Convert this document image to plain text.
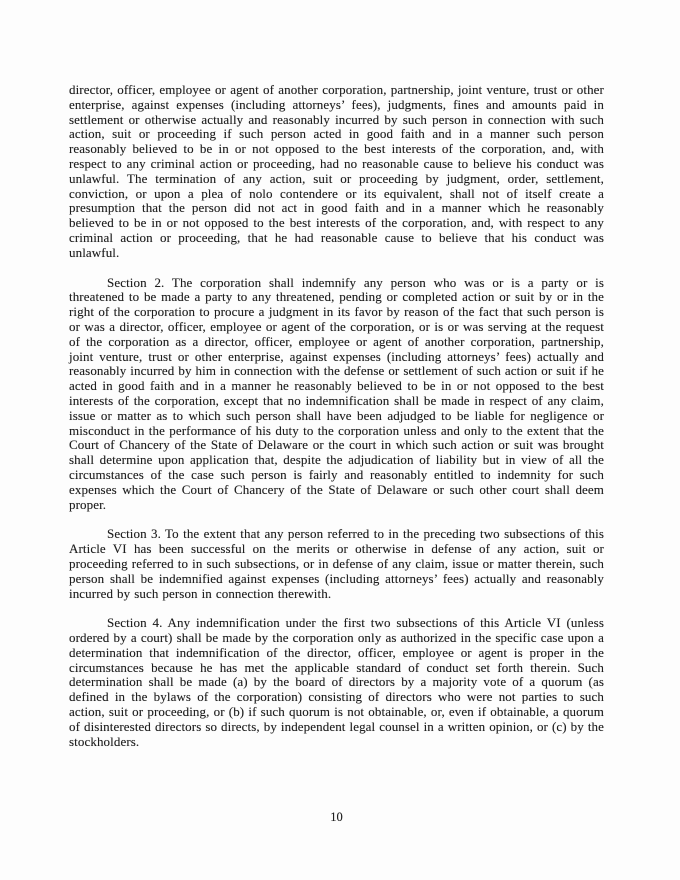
director, officer, employee or agent of another corporation, partnership, joint venture, trust or other enterprise, against expenses (including attorneys’ fees), judgments, fines and amounts paid in settlement or otherwise actually and reasonably incurred by such person in connection with such action, suit or proceeding if such person acted in good faith and in a manner such person reasonably believed to be in or not opposed to the best interests of the corporation, and, with respect to any criminal action or proceeding, had no reasonable cause to believe his conduct was unlawful. The termination of any action, suit or proceeding by judgment, order, settlement, conviction, or upon a plea of nolo contendere or its equivalent, shall not of itself create a presumption that the person did not act in good faith and in a manner which he reasonably believed to be in or not opposed to the best interests of the corporation, and, with respect to any criminal action or proceeding, that he had reasonable cause to believe that his conduct was unlawful.

Section 2. The corporation shall indemnify any person who was or is a party or is threatened to be made a party to any threatened, pending or completed action or suit by or in the right of the corporation to procure a judgment in its favor by reason of the fact that such person is or was a director, officer, employee or agent of the corporation, or is or was serving at the request of the corporation as a director, officer, employee or agent of another corporation, partnership, joint venture, trust or other enterprise, against expenses (including attorneys’ fees) actually and reasonably incurred by him in connection with the defense or settlement of such action or suit if he acted in good faith and in a manner he reasonably believed to be in or not opposed to the best interests of the corporation, except that no indemnification shall be made in respect of any claim, issue or matter as to which such person shall have been adjudged to be liable for negligence or misconduct in the performance of his duty to the corporation unless and only to the extent that the Court of Chancery of the State of Delaware or the court in which such action or suit was brought shall determine upon application that, despite the adjudication of liability but in view of all the circumstances of the case such person is fairly and reasonably entitled to indemnity for such expenses which the Court of Chancery of the State of Delaware or such other court shall deem proper.

Section 3. To the extent that any person referred to in the preceding two subsections of this Article VI has been successful on the merits or otherwise in defense of any action, suit or proceeding referred to in such subsections, or in defense of any claim, issue or matter therein, such person shall be indemnified against expenses (including attorneys’ fees) actually and reasonably incurred by such person in connection therewith.

Section 4. Any indemnification under the first two subsections of this Article VI (unless ordered by a court) shall be made by the corporation only as authorized in the specific case upon a determination that indemnification of the director, officer, employee or agent is proper in the circumstances because he has met the applicable standard of conduct set forth therein. Such determination shall be made (a) by the board of directors by a majority vote of a quorum (as defined in the bylaws of the corporation) consisting of directors who were not parties to such action, suit or proceeding, or (b) if such quorum is not obtainable, or, even if obtainable, a quorum of disinterested directors so directs, by independent legal counsel in a written opinion, or (c) by the stockholders.

10
